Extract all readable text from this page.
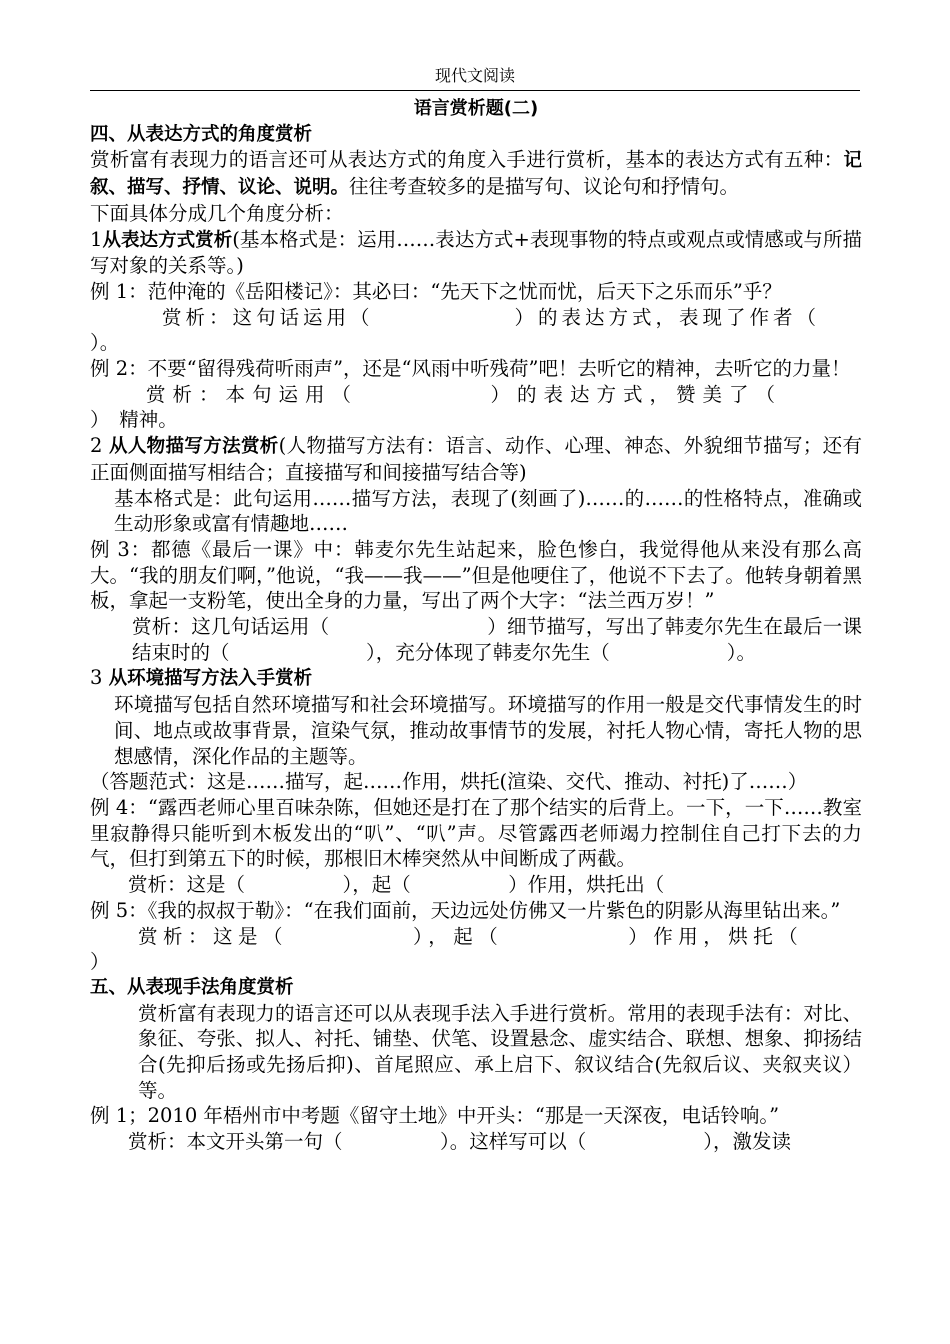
现代文阅读

语言赏析题(二)

四、从表达方式的角度赏析

赏析富有表现力的语言还可从表达方式的角度入手进行赏析，基本的表达方式有五种：记叙、描写、抒情、议论、说明。往往考查较多的是描写句、议论句和抒情句。

下面具体分成几个角度分析：

1从表达方式赏析(基本格式是：运用……表达方式+表现事物的特点或观点或情感或与所描写对象的关系等。)

例 1：范仲淹的《岳阳楼记》：其必曰：“先天下之忧而忧，后天下之乐而乐”乎？

赏析：这句话运用（　　　　　　）的表达方式，表现了作者（

）。

例 2：不要“留得残荷听雨声”，还是“风雨中听残荷”吧！去听它的精神，去听它的力量！

赏析：本句运用（　　　　　）的表达方式，赞美了（

）　精神。

2 从人物描写方法赏析(人物描写方法有：语言、动作、心理、神态、外貌细节描写；还有正面侧面描写相结合；直接描写和间接描写结合等)

基本格式是：此句运用……描写方法，表现了(刻画了)……的……的性格特点，准确或生动形象或富有情趣地……

例 3：都德《最后一课》中：韩麦尔先生站起来，脸色惨白，我觉得他从来没有那么高大。“我的朋友们啊，”他说，“我——我——”但是他哽住了，他说不下去了。他转身朝着黑板，拿起一支粉笔，使出全身的力量，写出了两个大字：“法兰西万岁！”

赏析：这几句话运用（　　　　　　　　）细节描写，写出了韩麦尔先生在最后一课结束时的（　　　　　　　），充分体现了韩麦尔先生（　　　　　　）。

3 从环境描写方法入手赏析

环境描写包括自然环境描写和社会环境描写。环境描写的作用一般是交代事情发生的时间、地点或故事背景，渲染气氛，推动故事情节的发展，衬托人物心情，寄托人物的思想感情，深化作品的主题等。

（答题范式：这是……描写，起……作用，烘托(渲染、交代、推动、衬托)了……）

例 4：“露西老师心里百味杂陈，但她还是打在了那个结实的后背上。一下，一下……教室里寂静得只能听到木板发出的“叭”、“叭”声。尽管露西老师竭力控制住自己打下去的力气，但打到第五下的时候，那根旧木棒突然从中间断成了两截。

赏析：这是（　　　　　），起（　　　　　）作用，烘托出（

例 5：《我的叔叔于勒》：“在我们面前，天边远处仿佛又一片紫色的阴影从海里钻出来。”

赏析：这是（　　　　　），起（　　　　　）作用，烘托（

）

五、从表现手法角度赏析

赏析富有表现力的语言还可以从表现手法入手进行赏析。常用的表现手法有：对比、象征、夸张、拟人、衬托、铺垫、伏笔、设置悬念、虚实结合、联想、想象、抑扬结合(先抑后扬或先扬后抑)、首尾照应、承上启下、叙议结合(先叙后议、夹叙夹议）等。

例 1；2010 年梧州市中考题《留守土地》中开头：“那是一天深夜，电话铃响。”

赏析：本文开头第一句（　　　　　）。这样写可以（　　　　　　），激发读
